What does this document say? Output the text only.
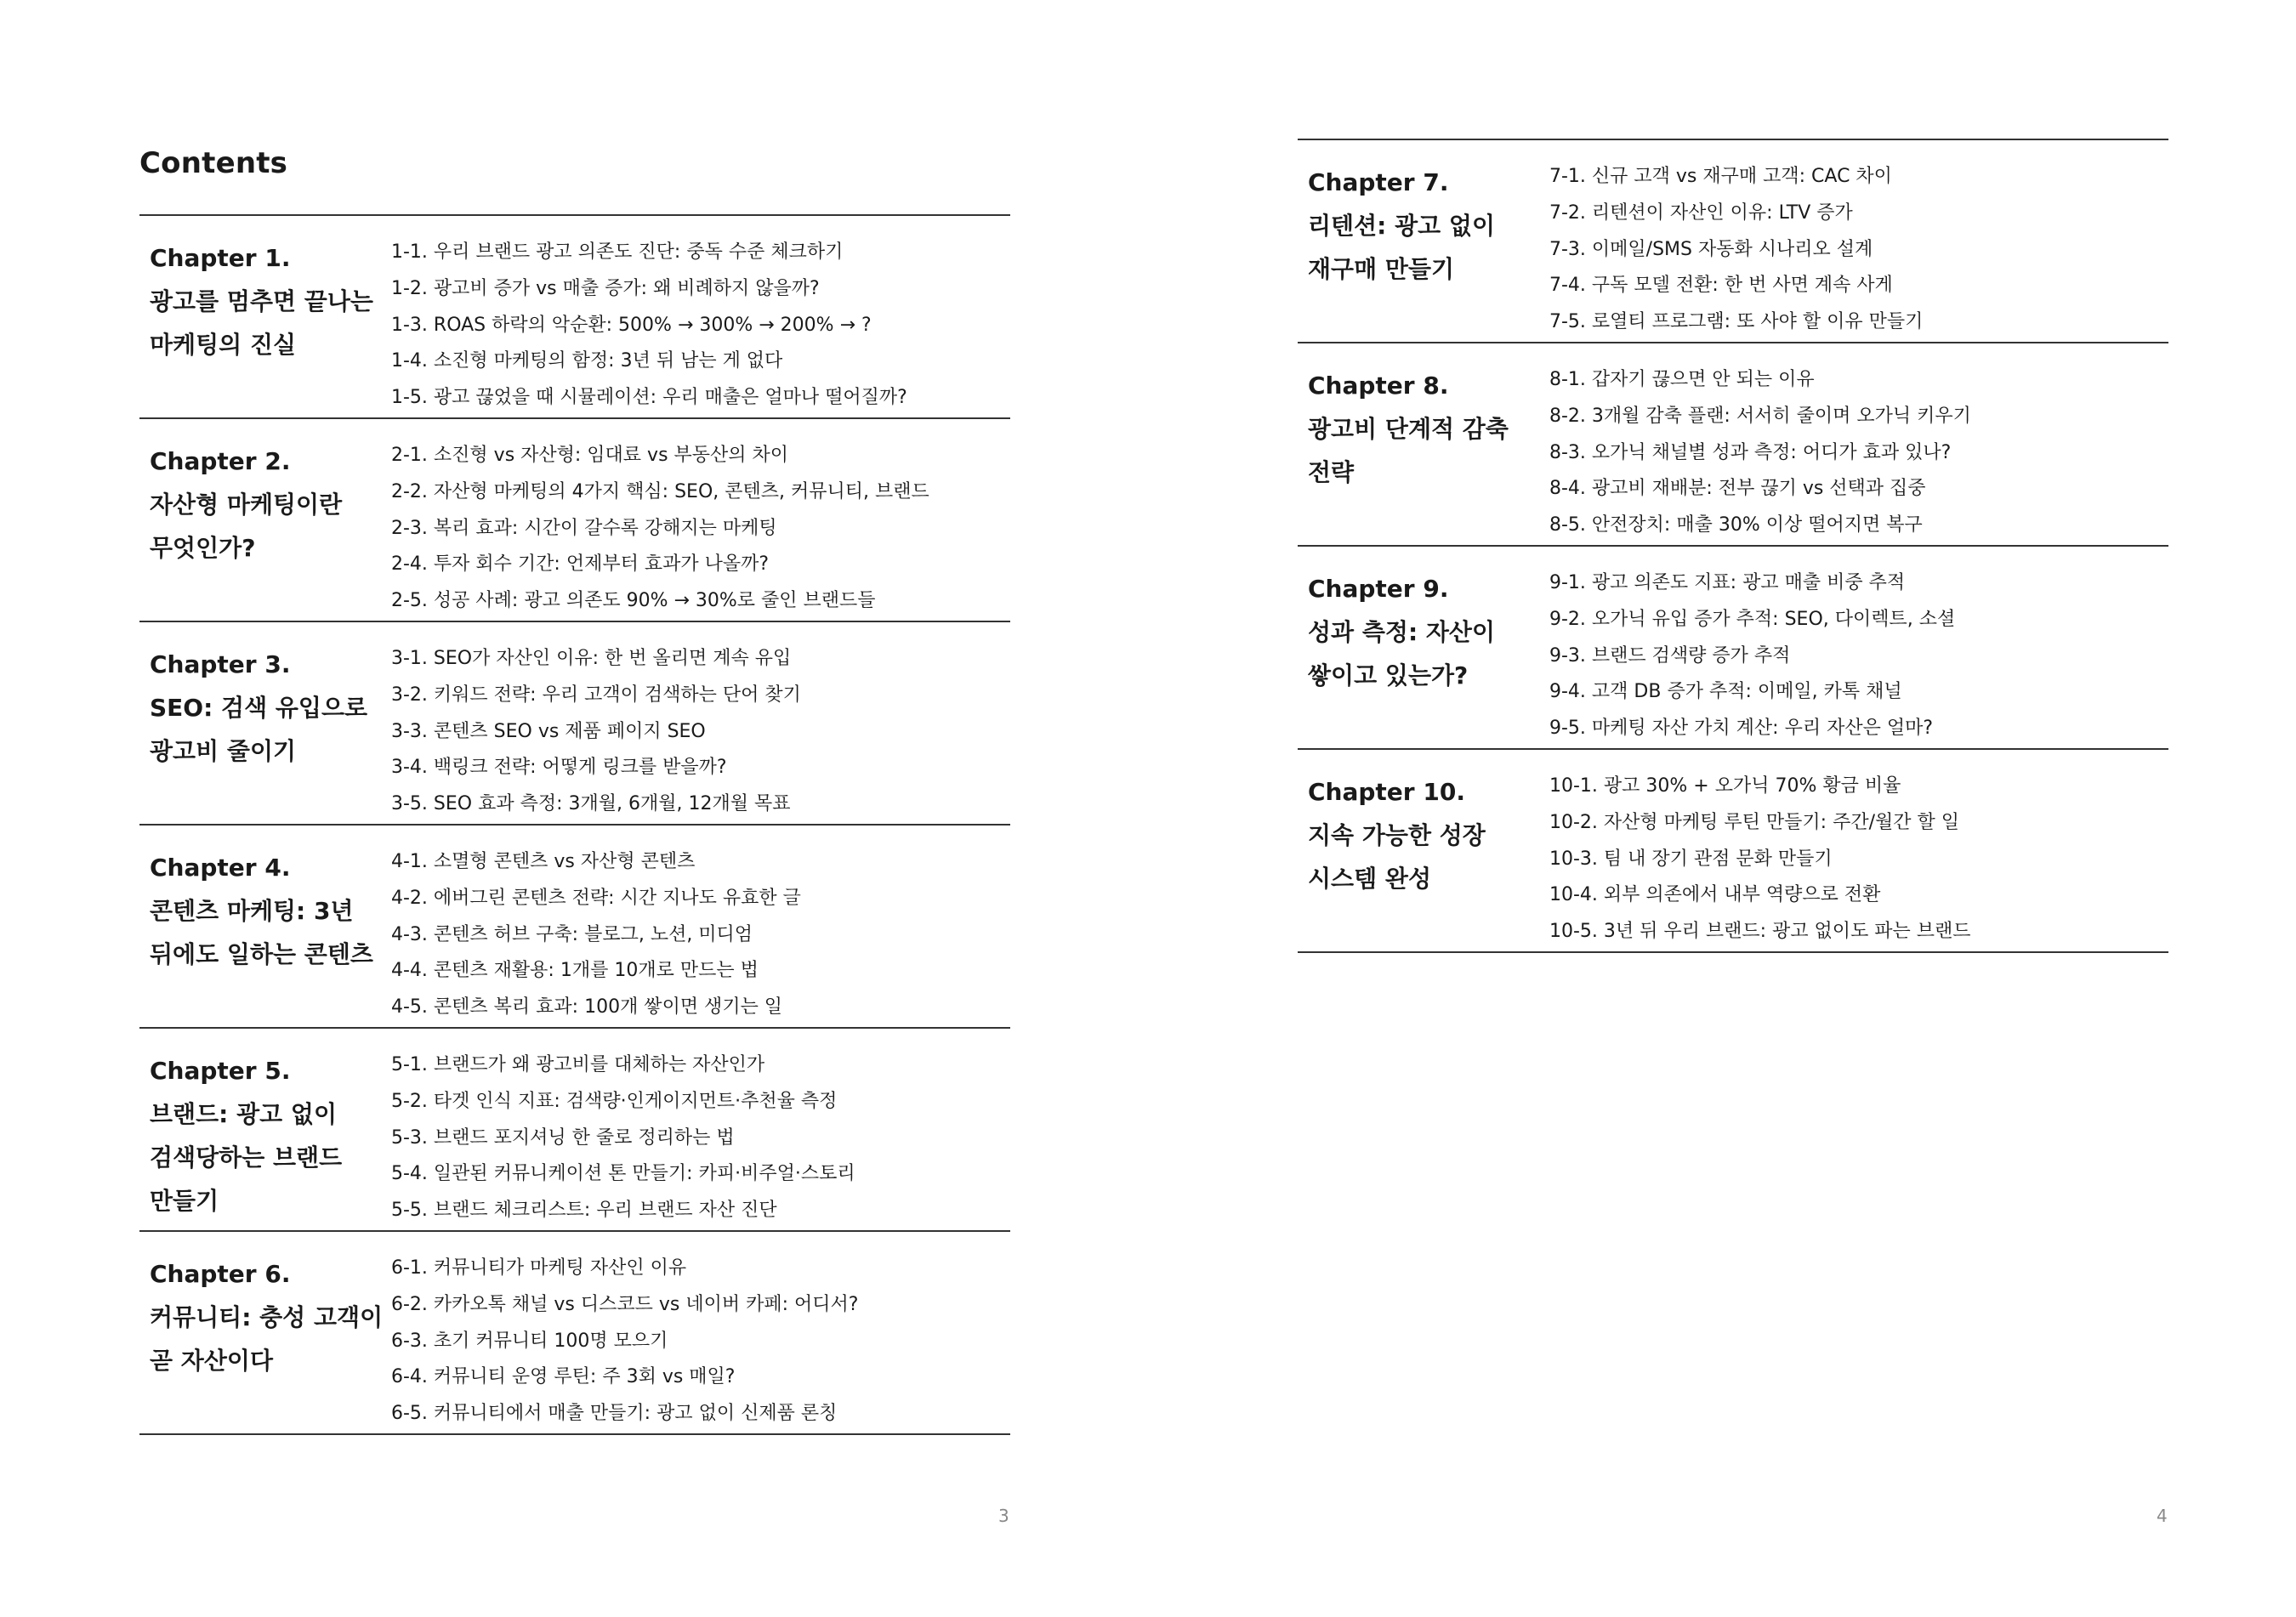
Contents
Chapter 1.
광고를 멈추면 끝나는
마케팅의 진실
1-1. 우리 브랜드 광고 의존도 진단: 중독 수준 체크하기
1-2. 광고비 증가 vs 매출 증가: 왜 비례하지 않을까?
1-3. ROAS 하락의 악순환: 500% → 300% → 200% → ?
1-4. 소진형 마케팅의 함정: 3년 뒤 남는 게 없다
1-5. 광고 끊었을 때 시뮬레이션: 우리 매출은 얼마나 떨어질까?
Chapter 2.
자산형 마케팅이란
무엇인가?
2-1. 소진형 vs 자산형: 임대료 vs 부동산의 차이
2-2. 자산형 마케팅의 4가지 핵심: SEO, 콘텐츠, 커뮤니티, 브랜드
2-3. 복리 효과: 시간이 갈수록 강해지는 마케팅
2-4. 투자 회수 기간: 언제부터 효과가 나올까?
2-5. 성공 사례: 광고 의존도 90% → 30%로 줄인 브랜드들
Chapter 3.
SEO: 검색 유입으로
광고비 줄이기
3-1. SEO가 자산인 이유: 한 번 올리면 계속 유입
3-2. 키워드 전략: 우리 고객이 검색하는 단어 찾기
3-3. 콘텐츠 SEO vs 제품 페이지 SEO
3-4. 백링크 전략: 어떻게 링크를 받을까?
3-5. SEO 효과 측정: 3개월, 6개월, 12개월 목표
Chapter 4.
콘텐츠 마케팅: 3년
뒤에도 일하는 콘텐츠
4-1. 소멸형 콘텐츠 vs 자산형 콘텐츠
4-2. 에버그린 콘텐츠 전략: 시간 지나도 유효한 글
4-3. 콘텐츠 허브 구축: 블로그, 노션, 미디엄
4-4. 콘텐츠 재활용: 1개를 10개로 만드는 법
4-5. 콘텐츠 복리 효과: 100개 쌓이면 생기는 일
Chapter 5.
브랜드: 광고 없이
검색당하는 브랜드
만들기
5-1. 브랜드가 왜 광고비를 대체하는 자산인가
5-2. 타겟 인식 지표: 검색량·인게이지먼트·추천율 측정
5-3. 브랜드 포지셔닝 한 줄로 정리하는 법
5-4. 일관된 커뮤니케이션 톤 만들기: 카피·비주얼·스토리
5-5. 브랜드 체크리스트: 우리 브랜드 자산 진단
Chapter 6.
커뮤니티: 충성 고객이
곧 자산이다
6-1. 커뮤니티가 마케팅 자산인 이유
6-2. 카카오톡 채널 vs 디스코드 vs 네이버 카페: 어디서?
6-3. 초기 커뮤니티 100명 모으기
6-4. 커뮤니티 운영 루틴: 주 3회 vs 매일?
6-5. 커뮤니티에서 매출 만들기: 광고 없이 신제품 론칭
3
Chapter 7.
리텐션: 광고 없이
재구매 만들기
7-1. 신규 고객 vs 재구매 고객: CAC 차이
7-2. 리텐션이 자산인 이유: LTV 증가
7-3. 이메일/SMS 자동화 시나리오 설계
7-4. 구독 모델 전환: 한 번 사면 계속 사게
7-5. 로열티 프로그램: 또 사야 할 이유 만들기
Chapter 8.
광고비 단계적 감축
전략
8-1. 갑자기 끊으면 안 되는 이유
8-2. 3개월 감축 플랜: 서서히 줄이며 오가닉 키우기
8-3. 오가닉 채널별 성과 측정: 어디가 효과 있나?
8-4. 광고비 재배분: 전부 끊기 vs 선택과 집중
8-5. 안전장치: 매출 30% 이상 떨어지면 복구
Chapter 9.
성과 측정: 자산이
쌓이고 있는가?
9-1. 광고 의존도 지표: 광고 매출 비중 추적
9-2. 오가닉 유입 증가 추적: SEO, 다이렉트, 소셜
9-3. 브랜드 검색량 증가 추적
9-4. 고객 DB 증가 추적: 이메일, 카톡 채널
9-5. 마케팅 자산 가치 계산: 우리 자산은 얼마?
Chapter 10.
지속 가능한 성장
시스템 완성
10-1. 광고 30% + 오가닉 70% 황금 비율
10-2. 자산형 마케팅 루틴 만들기: 주간/월간 할 일
10-3. 팀 내 장기 관점 문화 만들기
10-4. 외부 의존에서 내부 역량으로 전환
10-5. 3년 뒤 우리 브랜드: 광고 없이도 파는 브랜드
4
